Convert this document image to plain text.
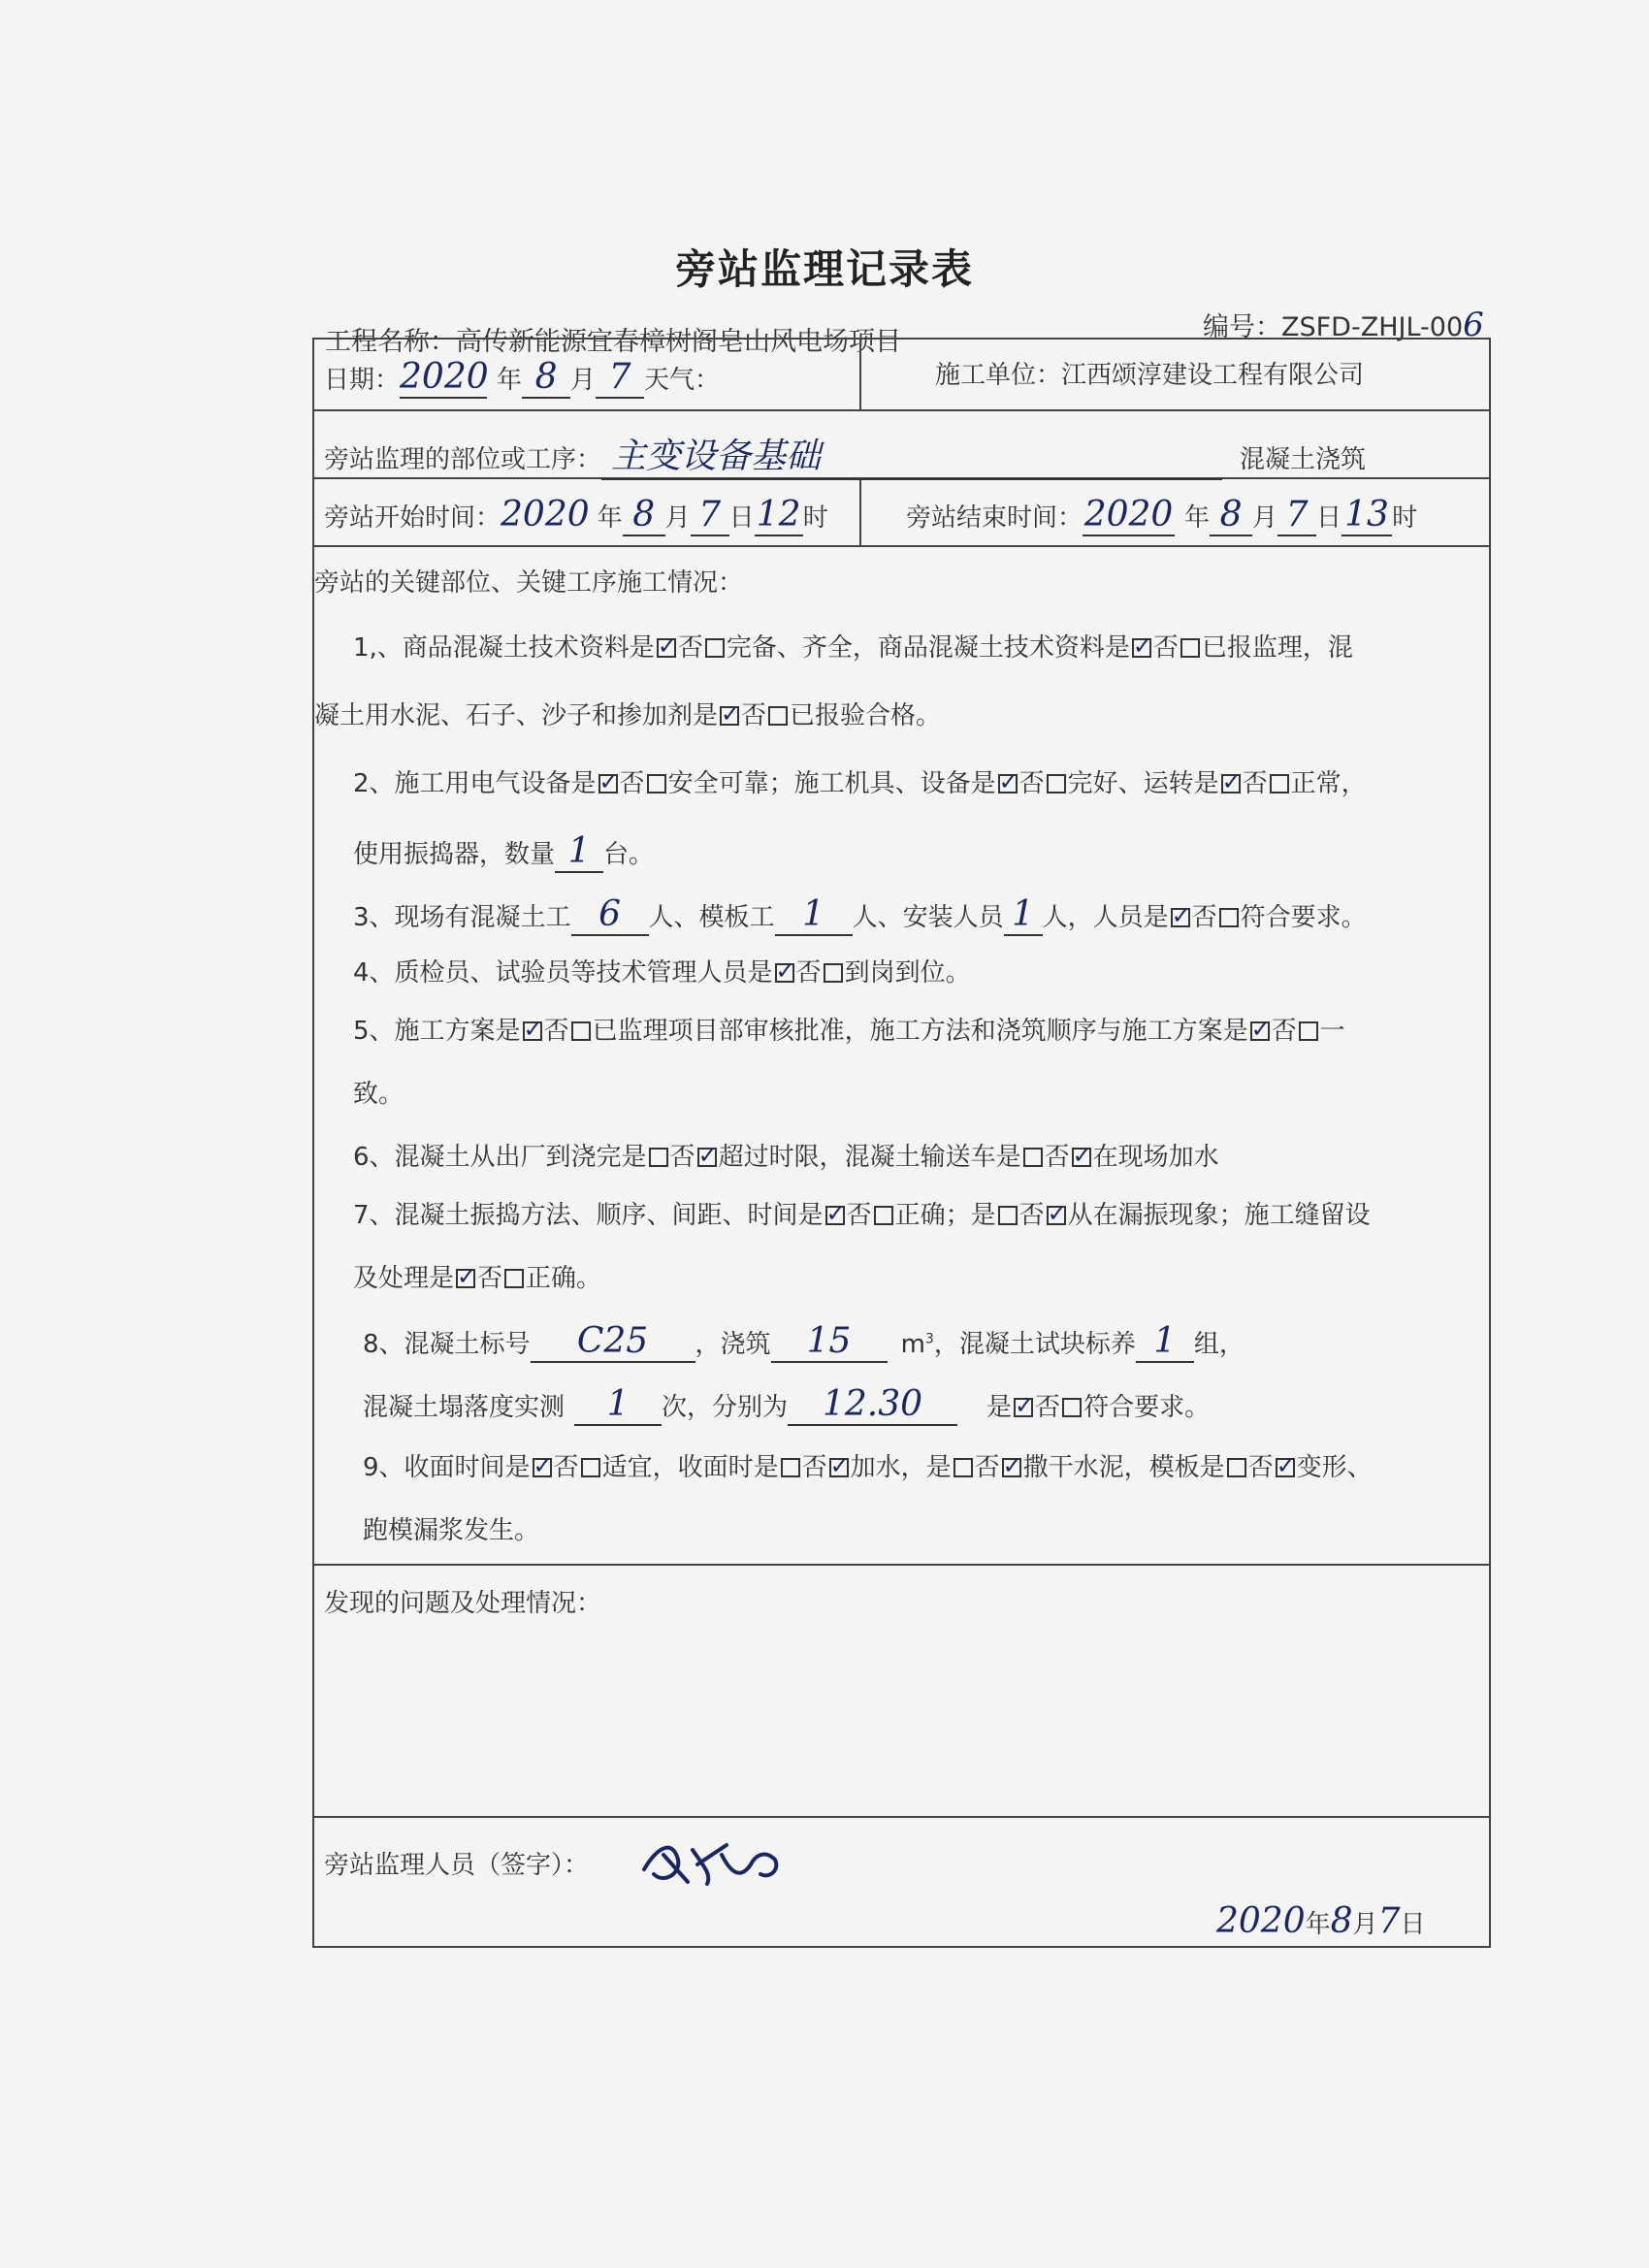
旁站监理记录表
工程名称：高传新能源宜春樟树阁皂山风电场项目	编号：ZSFD-ZHJL-006
日期：2020 年 8 月 7 天气：	施工单位：江西颂淳建设工程有限公司
旁站监理的部位或工序： 主变设备基础	混凝土浇筑
旁站开始时间：2020 年 8 月 7 日12时	旁站结束时间：2020 年 8 月 7 日13 时
旁站的关键部位、关键工序施工情况：
1,、商品混凝土技术资料是 ✓ 否 完备、齐全，商品混凝土技术资料是 ✓ 否 已报监理，混
凝土用水泥、石子、沙子和掺加剂是 ✓ 否 已报验合格。
2、施工用电气设备是 ✓ 否 安全可靠；施工机具、设备是 ✓ 否 完好、运转是 ✓ 否 正常，
使用振捣器，数量 1 台。
3、现场有混凝土工 6 人、模板工 1 人、安装人员 1 人，人员是 ✓ 否 符合要求。
4、质检员、试验员等技术管理人员是 ✓ 否 到岗到位。
5、施工方案是 ✓ 否 已监理项目部审核批准，施工方法和浇筑顺序与施工方案是 ✓ 否 一
致。
6、混凝土从出厂到浇完是 否 ✓ 超过时限，混凝土输送车是 否 ✓ 在现场加水
7、混凝土振捣方法、顺序、间距、时间是 ✓ 否 正确；是 否 ✓ 从在漏振现象；施工缝留设
及处理是 ✓ 否 正确。
8、混凝土标号 C25 ，浇筑 15 $m^3$，混凝土试块标养 1 组，
混凝土塌落度实测 1 次，分别为 12.30	是 ✓ 否 符合要求。
9、收面时间是 ✓ 否 适宜，收面时是 否 ✓ 加水，是 否 ✓ 撒干水泥，模板是 否 ✓ 变形、
跑模漏浆发生。
发现的问题及处理情况：
旁站监理人员（签字）：
2020年8月7日
